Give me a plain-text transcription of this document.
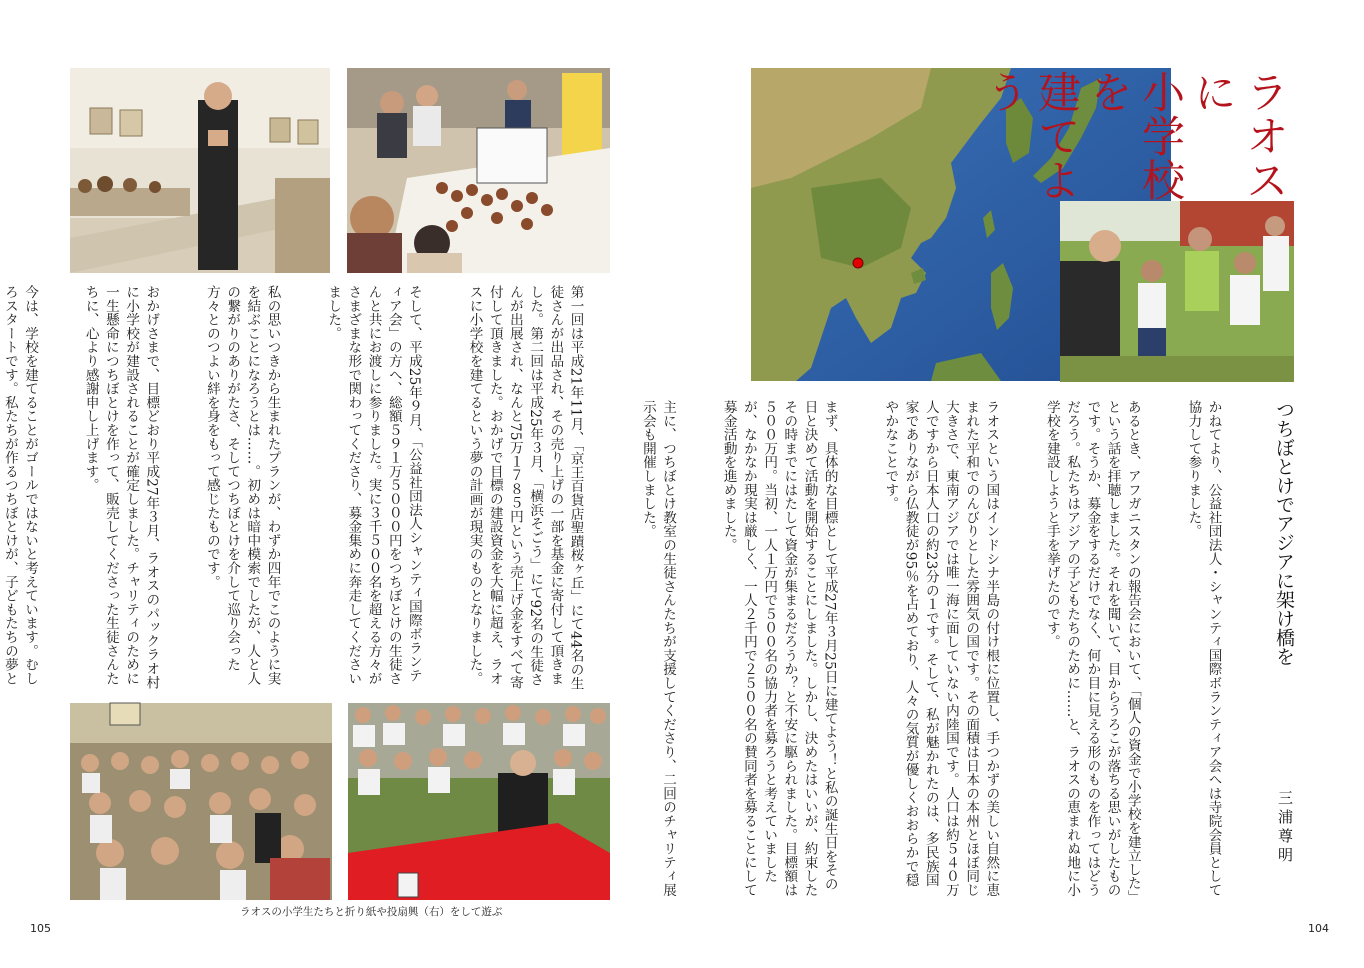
第一回は平成21年11月、「京王百貨店聖蹟桜ヶ丘」にて44名の生徒さんが出品され、その売り上げの一部を基金に寄付して頂きました。第二回は平成25年３月、「横浜そごう」にて92名の生徒さんが出展され、なんと75万１７８５円という売上げ金をすべて寄付して頂きました。おかげで目標の建設資金を大幅に超え、ラオスに小学校を建てるという夢の計画が現実のものとなりました。

そして、平成25年９月、「公益社団法人シャンティ国際ボランティア会」の方へ、総額５９１万５０００円をつちぼとけの生徒さんと共にお渡しに参りました。実に３千５００名を超える方々がさまざまな形で関わってくださり、募金集めに奔走してくださいました。

私の思いつきから生まれたプランが、わずか四年でこのように実を結ぶことになろうとは……。初めは暗中模索でしたが、人と人の繋がりのありがたさ、そしてつちぼとけを介して巡り会った方々とのつよい絆を身をもって感じたものです。

おかげさまで、目標どおり平成27年３月、ラオスのパックラオ村に小学校が建設されることが確定しました。チャリティのために一生懸命につちぼとけを作って、販売してくださった生徒さんたちに、心より感謝申し上げます。

今は、学校を建てることがゴールではないと考えています。むしろスタートです。私たちが作るつちぼとけが、子どもたちの夢と

ラオスの小学生たちと折り紙や投扇興（右）をして遊ぶ
105
ラオスに
小学校を
建てよう
つちぼとけでアジアに架け橋を
三浦尊明

かねてより、公益社団法人・シャンティ国際ボランティア会へは寺院会員として協力して参りました。

あるとき、アフガニスタンの報告会において、「個人の資金で小学校を建立した」という話を拝聴しました。それを聞いて、目からうろこが落ちる思いがしたものです。そうか、募金をするだけでなく、何か目に見える形のものを作ってはどうだろう。私たちはアジアの子どもたちのために……と、ラオスの恵まれぬ地に小学校を建設しようと手を挙げたのです。

ラオスという国はインドシナ半島の付け根に位置し、手つかずの美しい自然に恵まれた平和でのんびりとした雰囲気の国です。その面積は日本の本州とほぼ同じ大きさで、東南アジアでは唯一海に面していない内陸国です。人口は約５４０万人ですから日本人口の約23分の１です。そして、私が魅かれたのは、多民族国家でありながら仏教徒が95％を占めており、人々の気質が優しくおおらかで穏やかなことです。

まず、具体的な目標として平成27年３月25日に建てよう！と私の誕生日をその日と決めて活動を開始することにしました。しかし、決めたはいいが、約束したその時までにはたして資金が集まるだろうか？と不安に駆られました。目標額は５００万円。当初、一人１万円で５００名の協力者を募ろうと考えていましたが、なかなか現実は厳しく、一人２千円で２５００名の賛同者を募ることにして募金活動を進めました。

主に、つちぼとけ教室の生徒さんたちが支援してくださり、二回のチャリティ展示会も開催しました。

104
